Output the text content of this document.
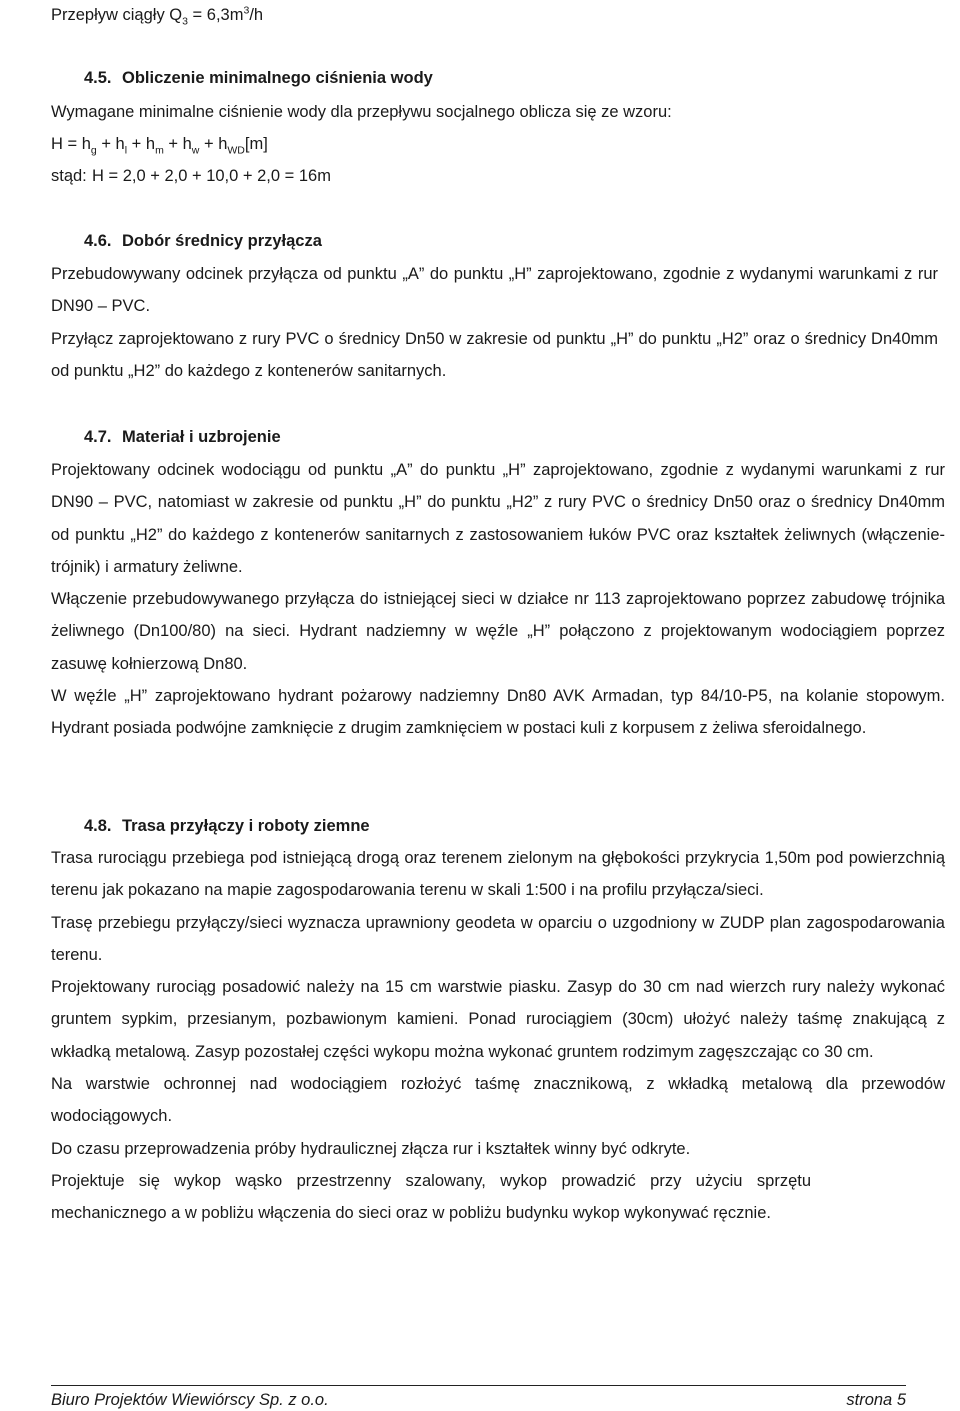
Przepływ ciągły $Q_3 = 6,3m^3/h$
4.5. Obliczenie minimalnego ciśnienia wody
Wymagane minimalne ciśnienie wody dla przepływu socjalnego oblicza się ze wzoru:
$H = h_g + h_l + h_m + h_w + h_{WD}[m]$
stąd: H = 2,0 + 2,0 + 10,0 + 2,0 = 16m
4.6. Dobór średnicy przyłącza

Przebudowywany odcinek przyłącza od punktu „A” do punktu „H” zaprojektowano, zgodnie z wydanymi warunkami z rur DN90 – PVC.

Przyłącz zaprojektowano z rury PVC o średnicy Dn50 w zakresie od punktu „H” do punktu „H2” oraz o średnicy Dn40mm od punktu „H2” do każdego z kontenerów sanitarnych.

4.7. Materiał i uzbrojenie

Projektowany odcinek wodociągu od punktu „A” do punktu „H” zaprojektowano, zgodnie z wydanymi warunkami z rur DN90 – PVC, natomiast w zakresie od punktu „H” do punktu „H2” z rury PVC o średnicy Dn50 oraz o średnicy Dn40mm od punktu „H2” do każdego z kontenerów sanitarnych z zastosowaniem łuków PVC oraz kształtek żeliwnych (włączenie-trójnik) i armatury żeliwne.

Włączenie przebudowywanego przyłącza do istniejącej sieci w działce nr 113 zaprojektowano poprzez zabudowę trójnika żeliwnego (Dn100/80) na sieci. Hydrant nadziemny w węźle „H” połączono z projektowanym wodociągiem poprzez zasuwę kołnierzową Dn80.

W węźle „H” zaprojektowano hydrant pożarowy nadziemny Dn80 AVK Armadan, typ 84/10-P5, na kolanie stopowym. Hydrant posiada podwójne zamknięcie z drugim zamknięciem w postaci kuli z korpusem z żeliwa sferoidalnego.

4.8. Trasa przyłączy i roboty ziemne

Trasa rurociągu przebiega pod istniejącą drogą oraz terenem zielonym na głębokości przykrycia 1,50m pod powierzchnią terenu jak pokazano na mapie zagospodarowania terenu w skali 1:500 i na profilu przyłącza/sieci.

Trasę przebiegu przyłączy/sieci wyznacza uprawniony geodeta w oparciu o uzgodniony w ZUDP plan zagospodarowania terenu.

Projektowany rurociąg posadowić należy na 15 cm warstwie piasku. Zasyp do 30 cm nad wierzch rury należy wykonać gruntem sypkim, przesianym, pozbawionym kamieni. Ponad rurociągiem (30cm) ułożyć należy taśmę znakującą z wkładką metalową. Zasyp pozostałej części wykopu można wykonać gruntem rodzimym zagęszczając co 30 cm.

Na warstwie ochronnej nad wodociągiem rozłożyć taśmę znacznikową, z wkładką metalową dla przewodów wodociągowych.

Do czasu przeprowadzenia próby hydraulicznej złącza rur i kształtek winny być odkryte.

Projektuje się wykop wąsko przestrzenny szalowany, wykop prowadzić przy użyciu sprzętu mechanicznego a w pobliżu włączenia do sieci oraz w pobliżu budynku wykop wykonywać ręcznie.

Biuro Projektów Wiewiórscy Sp. z o.o.	strona 5
